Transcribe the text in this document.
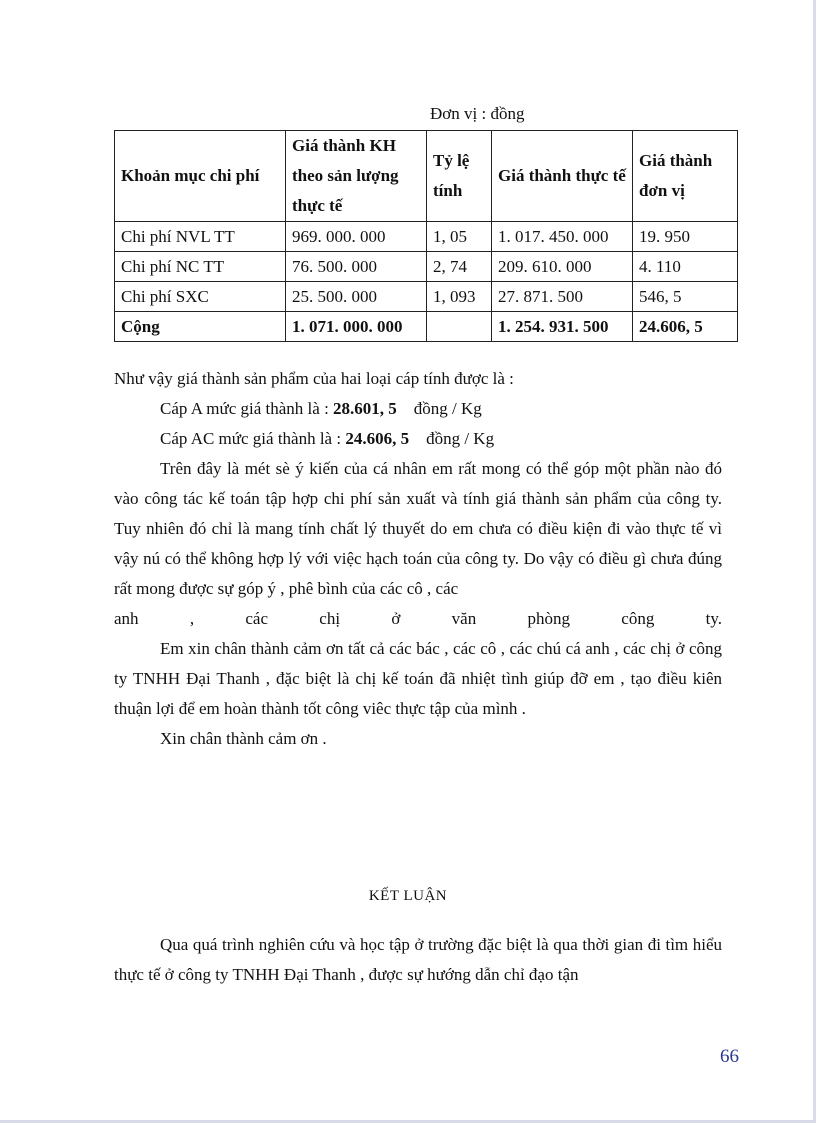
Đơn vị : đồng
Khoản mục chi phí	Giá thành KH theo sản lượng thực tế	Tỷ lệ tính	Giá thành thực tế	Giá thành đơn vị
Chi phí NVL TT	969. 000. 000	1, 05	1. 017. 450. 000	19. 950
Chi phí NC TT	76. 500. 000	2, 74	209. 610. 000	4. 110
Chi phí SXC	25. 500. 000	1, 093	27. 871. 500	546, 5
Cộng	1. 071. 000. 000		1. 254. 931. 500	24.606, 5

Như vậy giá thành sản phẩm của hai loại cáp tính được là :

Cáp A mức giá thành là : 28.601, 5 đồng / Kg

Cáp AC mức giá thành là : 24.606, 5 đồng / Kg

Trên đây là mét sè ý kiến của cá nhân em rất mong có thể góp một phần nào đó vào công tác kế toán tập hợp chi phí sản xuất và tính giá thành sản phẩm của công ty. Tuy nhiên đó chỉ là mang tính chất lý thuyết do em chưa có điều kiện đi vào thực tế vì vậy nú có thể không hợp lý với việc hạch toán của công ty. Do vậy có điều gì chưa đúng rất mong được sự góp ý , phê bình của các cô , các

anh , các chị ở văn phòng công ty.

Em xin chân thành cảm ơn tất cả các bác , các cô , các chú cá anh , các chị ở công ty TNHH Đại Thanh , đặc biệt là chị kế toán đã nhiệt tình giúp đỡ em , tạo điều kiên thuận lợi để em hoàn thành tốt công viêc thực tập của mình .

Xin chân thành cảm ơn .

KẾT LUẬN

Qua quá trình nghiên cứu và học tập ở trường đặc biệt là qua thời gian đi tìm hiểu thực tế ở công ty TNHH Đại Thanh , được sự hướng dẫn chỉ đạo tận

66
